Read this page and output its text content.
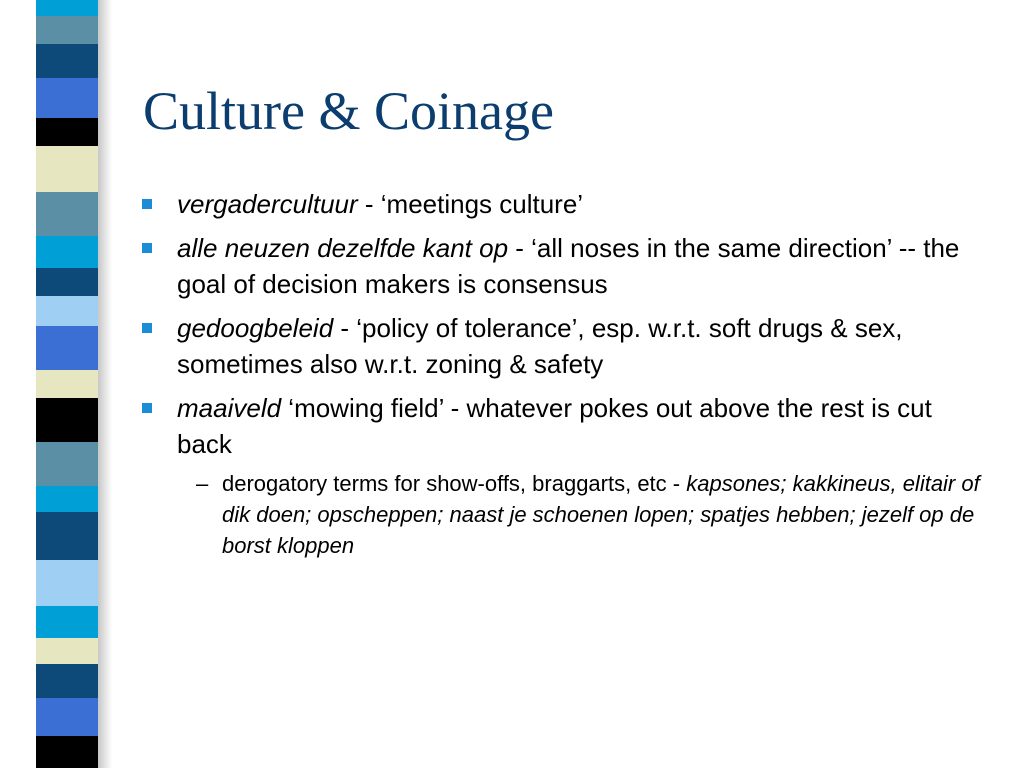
Culture & Coinage
vergadercultuur - ‘meetings culture’
alle neuzen dezelfde kant op - ‘all noses in the same direction’ -- the goal of decision makers is consensus
gedoogbeleid - ‘policy of tolerance’, esp. w.r.t. soft drugs & sex, sometimes also w.r.t. zoning & safety
maaiveld ‘mowing field’ - whatever pokes out above the rest is cut back
– derogatory terms for show-offs, braggarts, etc - kapsones; kakkineus, elitair of dik doen; opscheppen; naast je schoenen lopen; spatjes hebben; jezelf op de borst kloppen
